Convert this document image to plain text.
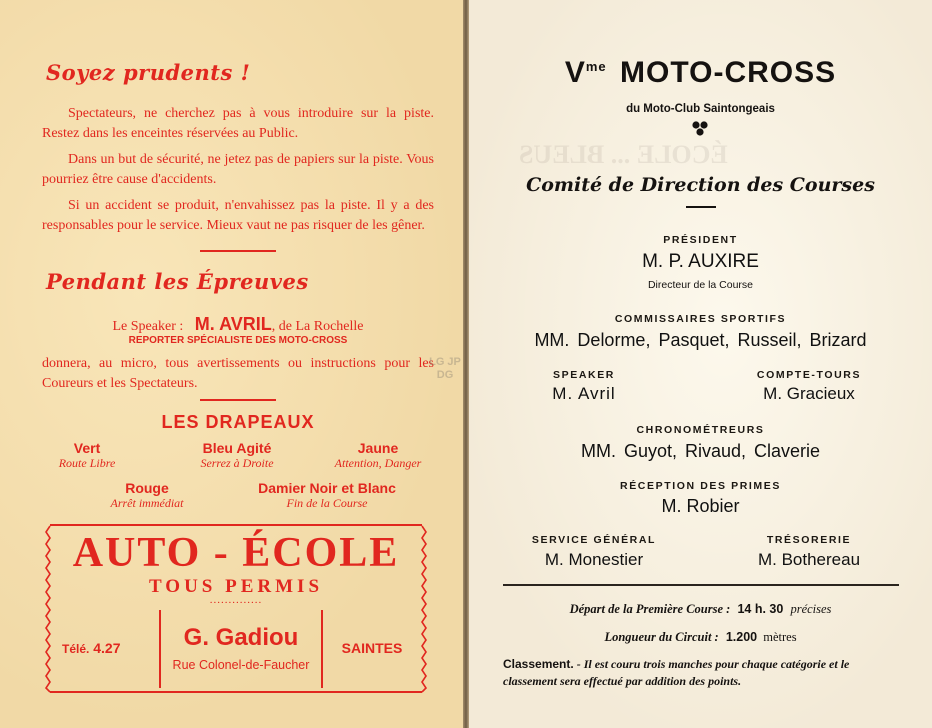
Soyez prudents !

Spectateurs, ne cherchez pas à vous introduire sur la piste. Restez dans les enceintes réservées au Public.

Dans un but de sécurité, ne jetez pas de papiers sur la piste. Vous pourriez être cause d'accidents.

Si un accident se produit, n'envahissez pas la piste. Il y a des responsables pour le service. Mieux vaut ne pas risquer de les gêner.

Pendant les Épreuves
Le Speaker : M. AVRIL, de La Rochelle
REPORTER SPÉCIALISTE DES MOTO-CROSS

donnera, au micro, tous avertissements ou instructions pour les Coureurs et les Spectateurs.

LES DRAPEAUX
Vert
Route Libre
Bleu Agité
Serrez à Droite
Jaune
Attention, Danger
Rouge
Arrêt immédiat
Damier Noir et Blanc
Fin de la Course
AUTO - ÉCOLE
TOUS PERMIS
..............
Télé. 4.27	G. Gadiou
Rue Colonel-de-Faucher
SAINTES
LG JP DG
ÉCOLE ... BLEUS
$V^{me}$ MOTO-CROSS
du Moto-Club Saintongeais
Comité de Direction des Courses
PRÉSIDENT
M. P. AUXIRE
Directeur de la Course
COMMISSAIRES SPORTIFS
MM. Delorme, Pasquet, Russeil, Brizard
SPEAKER
M. Avril
COMPTE-TOURS
M. Gracieux
CHRONOMÉTREURS
MM. Guyot, Rivaud, Claverie
RÉCEPTION DES PRIMES
M. Robier
SERVICE GÉNÉRAL
M. Monestier
TRÉSORERIE
M. Bothereau
Départ de la Première Course : 14 h. 30 précises
Longueur du Circuit : 1.200 mètres
Classement. - Il est couru trois manches pour chaque catégorie et le classement sera effectué par addition des points.
